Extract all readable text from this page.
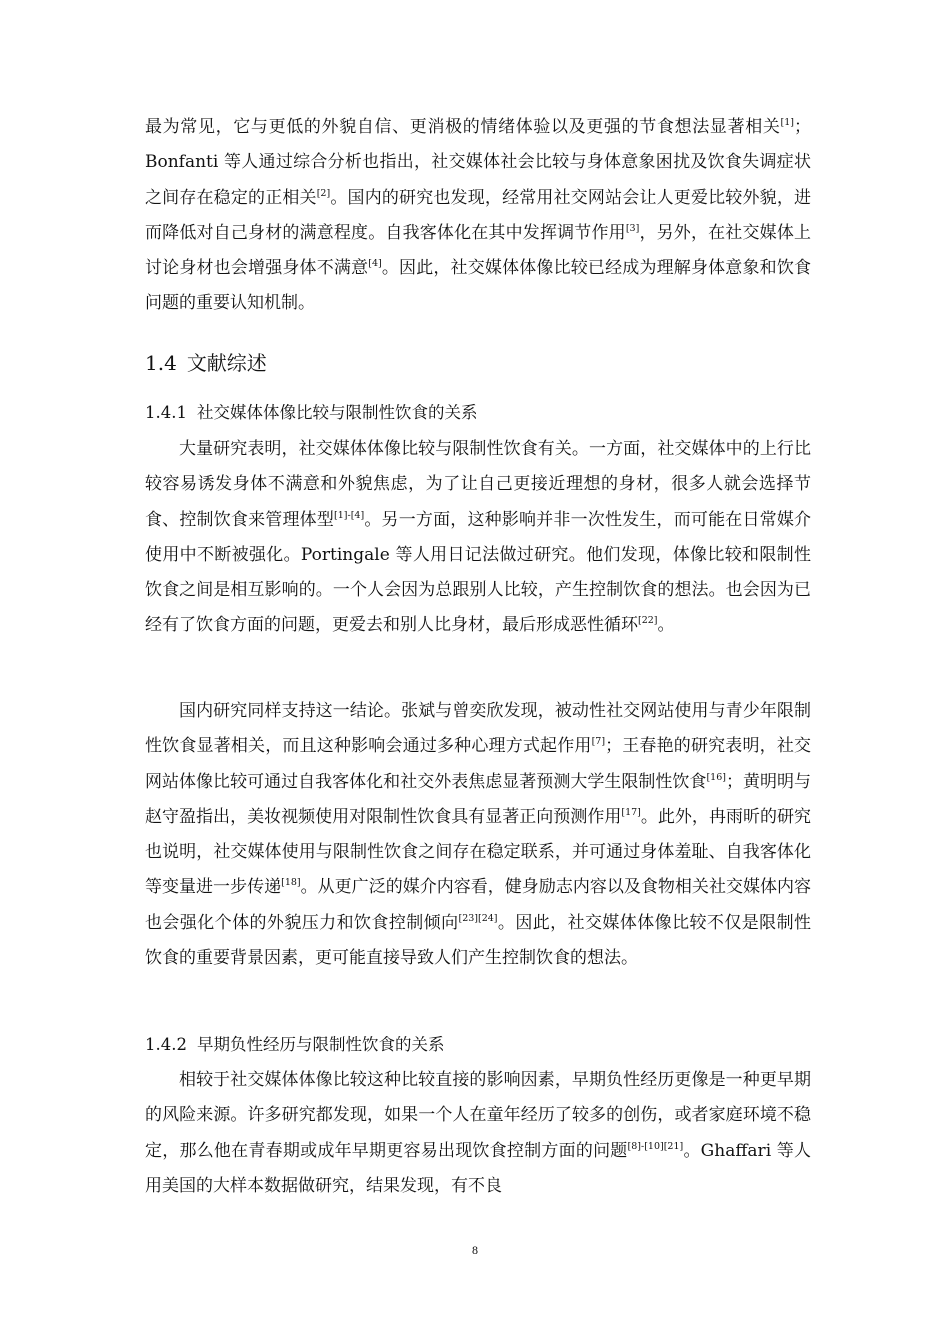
最为常见，它与更低的外貌自信、更消极的情绪体验以及更强的节食想法显著相关[1]；Bonfanti 等人通过综合分析也指出，社交媒体社会比较与身体意象困扰及饮食失调症状之间存在稳定的正相关[2]。国内的研究也发现，经常用社交网站会让人更爱比较外貌，进而降低对自己身材的满意程度。自我客体化在其中发挥调节作用[3]，另外，在社交媒体上讨论身材也会增强身体不满意[4]。因此，社交媒体体像比较已经成为理解身体意象和饮食问题的重要认知机制。

1.4 文献综述
1.4.1 社交媒体体像比较与限制性饮食的关系

大量研究表明，社交媒体体像比较与限制性饮食有关。一方面，社交媒体中的上行比较容易诱发身体不满意和外貌焦虑，为了让自己更接近理想的身材，很多人就会选择节食、控制饮食来管理体型[1]-[4]。另一方面，这种影响并非一次性发生，而可能在日常媒介使用中不断被强化。Portingale 等人用日记法做过研究。他们发现，体像比较和限制性饮食之间是相互影响的。一个人会因为总跟别人比较，产生控制饮食的想法。也会因为已经有了饮食方面的问题，更爱去和别人比身材，最后形成恶性循环[22]。

国内研究同样支持这一结论。张斌与曾奕欣发现，被动性社交网站使用与青少年限制性饮食显著相关，而且这种影响会通过多种心理方式起作用[7]；王春艳的研究表明，社交网站体像比较可通过自我客体化和社交外表焦虑显著预测大学生限制性饮食[16]；黄明明与赵守盈指出，美妆视频使用对限制性饮食具有显著正向预测作用[17]。此外，冉雨昕的研究也说明，社交媒体使用与限制性饮食之间存在稳定联系，并可通过身体羞耻、自我客体化等变量进一步传递[18]。从更广泛的媒介内容看，健身励志内容以及食物相关社交媒体内容也会强化个体的外貌压力和饮食控制倾向[23][24]。因此，社交媒体体像比较不仅是限制性饮食的重要背景因素，更可能直接导致人们产生控制饮食的想法。

1.4.2 早期负性经历与限制性饮食的关系

相较于社交媒体体像比较这种比较直接的影响因素，早期负性经历更像是一种更早期的风险来源。许多研究都发现，如果一个人在童年经历了较多的创伤，或者家庭环境不稳定，那么他在青春期或成年早期更容易出现饮食控制方面的问题[8]-[10][21]。Ghaffari 等人用美国的大样本数据做研究，结果发现，有不良

8
